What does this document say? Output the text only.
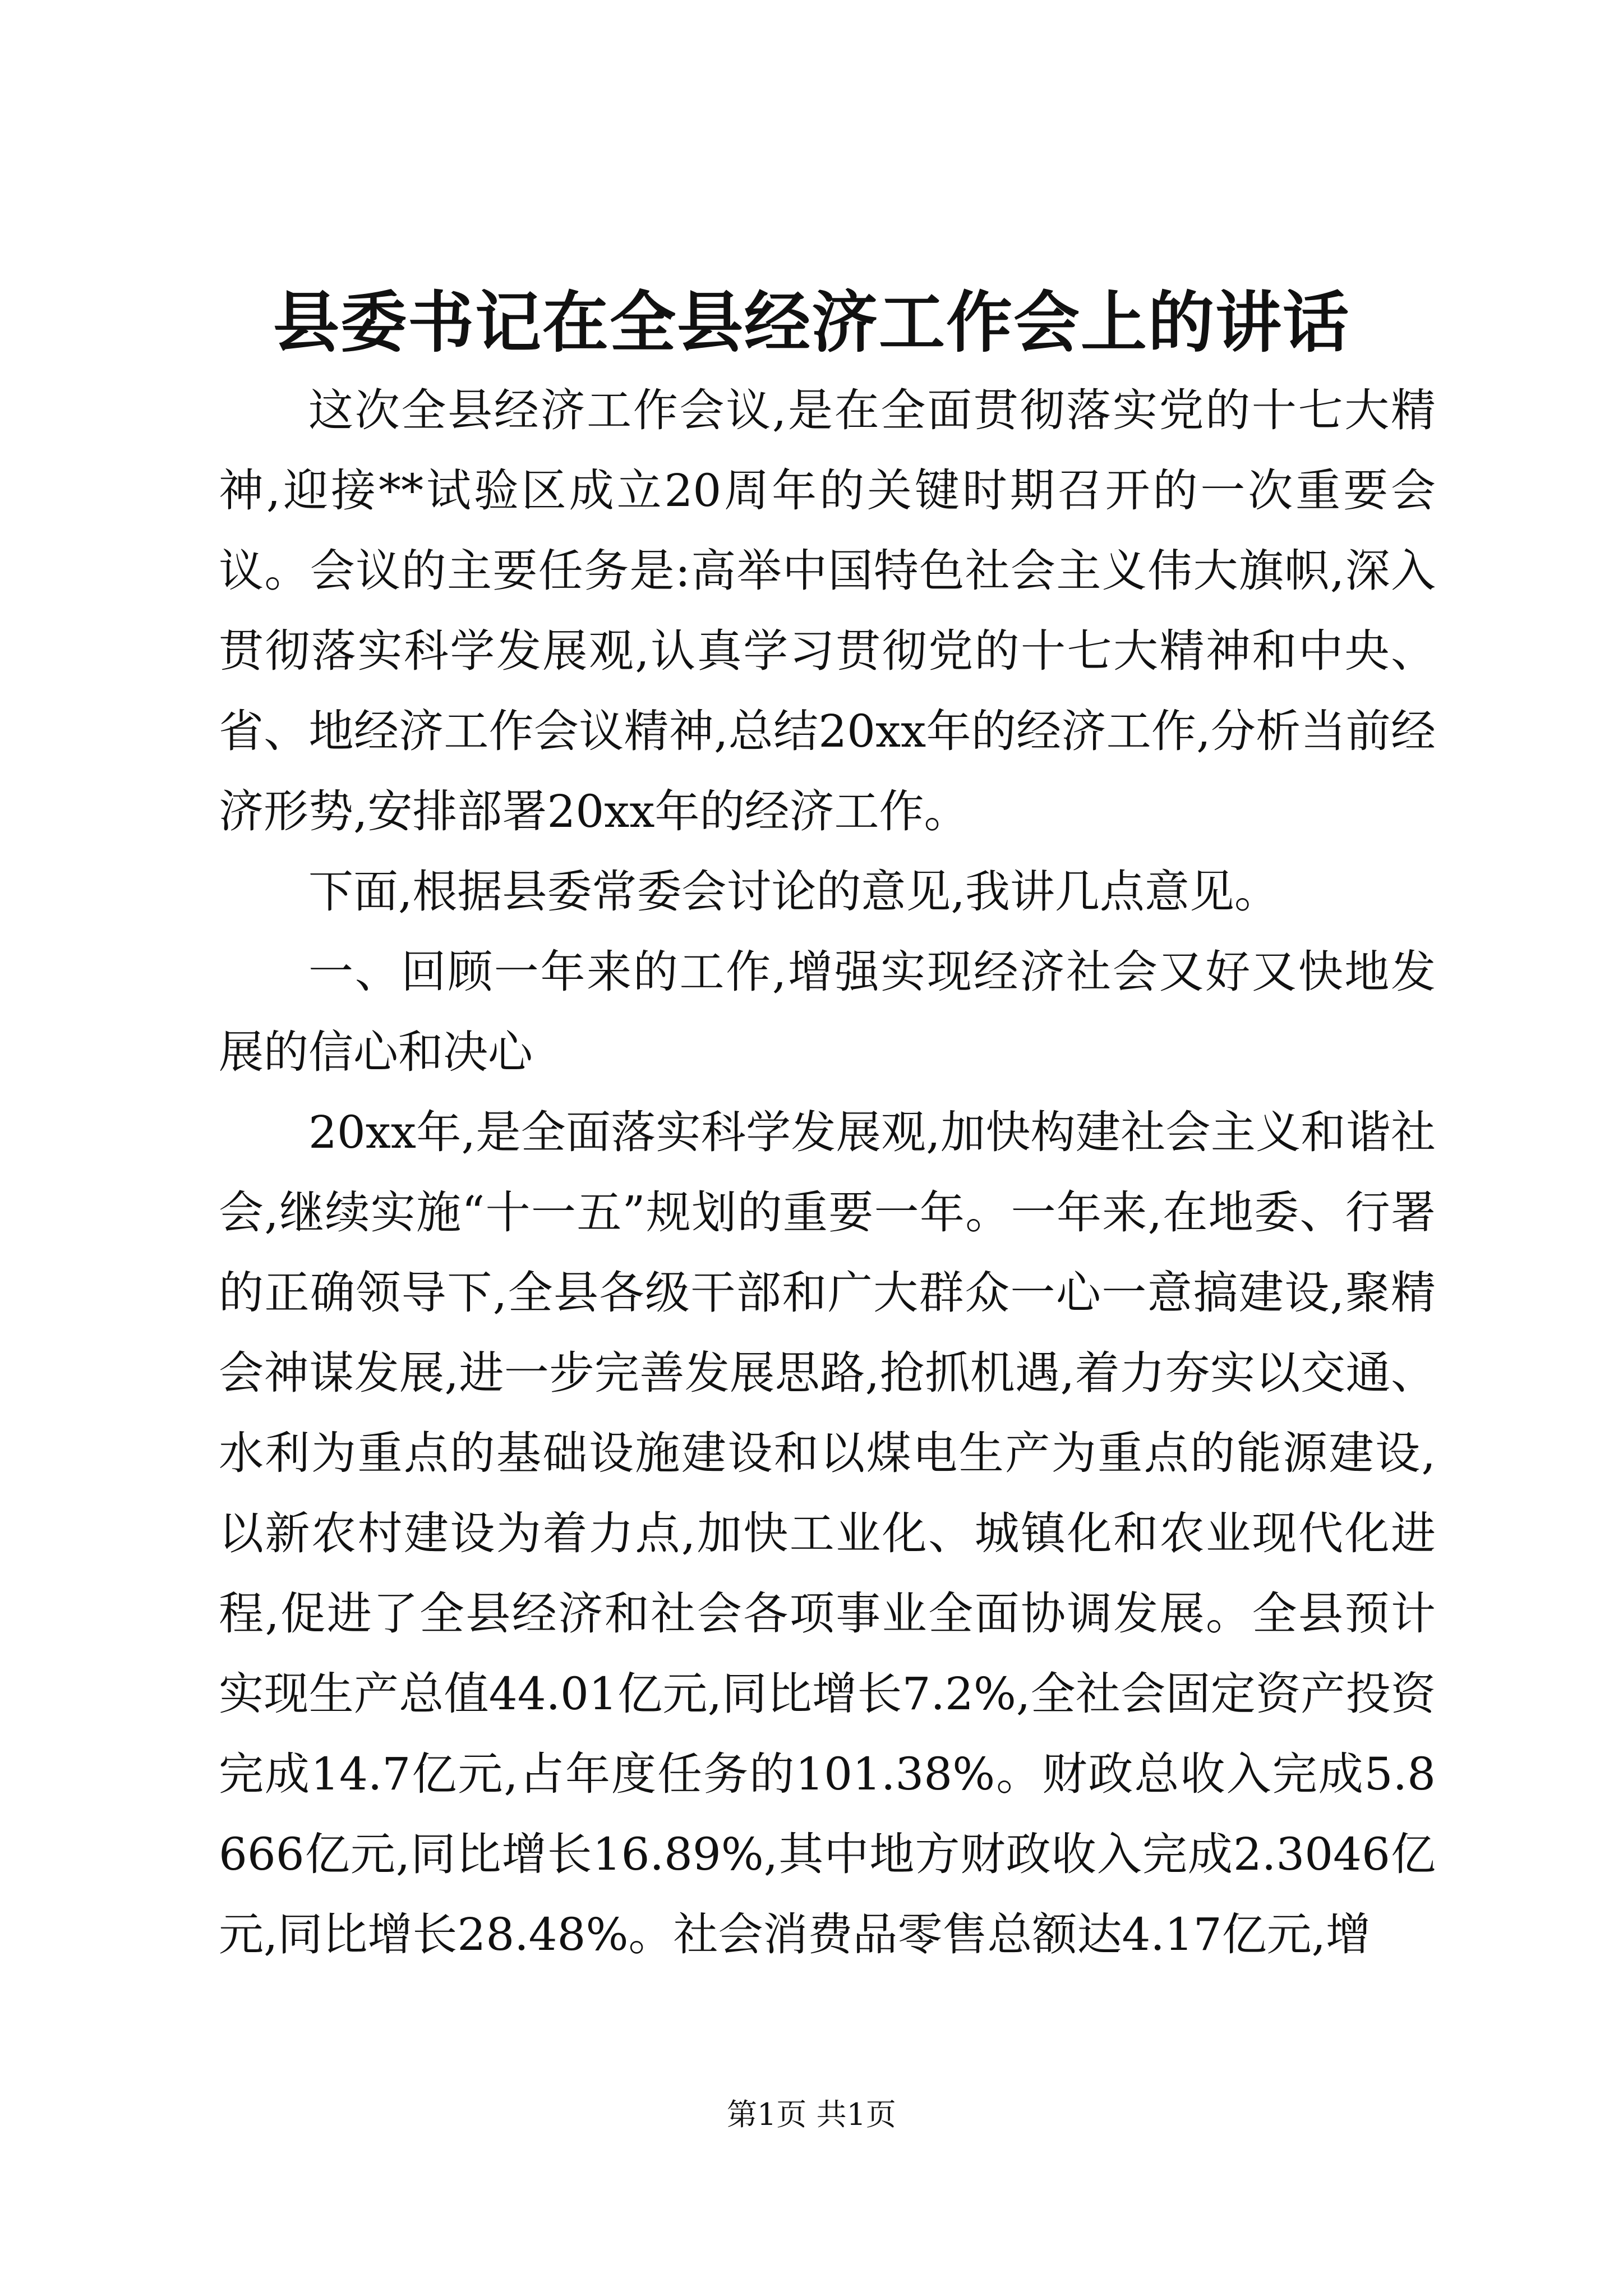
县委书记在全县经济工作会上的讲话

这次全县经济工作会议,是在全面贯彻落实党的十七大精神,迎接**试验区成立20周年的关键时期召开的一次重要会议。会议的主要任务是:高举中国特色社会主义伟大旗帜,深入贯彻落实科学发展观,认真学习贯彻党的十七大精神和中央、省、地经济工作会议精神,总结20xx年的经济工作,分析当前经济形势,安排部署20xx年的经济工作。

下面,根据县委常委会讨论的意见,我讲几点意见。

一、回顾一年来的工作,增强实现经济社会又好又快地发展的信心和决心

20xx年,是全面落实科学发展观,加快构建社会主义和谐社会,继续实施“十一五”规划的重要一年。一年来,在地委、行署的正确领导下,全县各级干部和广大群众一心一意搞建设,聚精会神谋发展,进一步完善发展思路,抢抓机遇,着力夯实以交通、水利为重点的基础设施建设和以煤电生产为重点的能源建设,以新农村建设为着力点,加快工业化、城镇化和农业现代化进程,促进了全县经济和社会各项事业全面协调发展。全县预计实现生产总值44.01亿元,同比增长7.2%,全社会固定资产投资完成14.7亿元,占年度任务的101.38%。财政总收入完成5.8666亿元,同比增长16.89%,其中地方财政收入完成2.3046亿元,同比增长28.48%。社会消费品零售总额达4.17亿元,增

第1页 共1页
